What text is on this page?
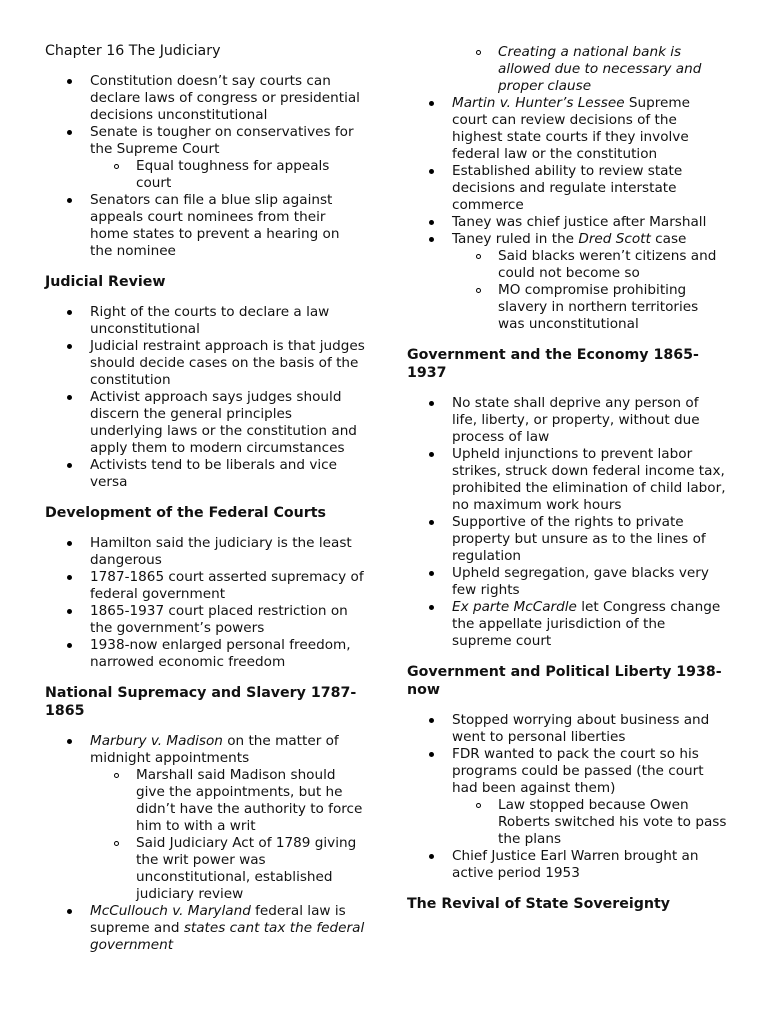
Chapter 16 The Judiciary
Constitution doesn’t say courts can declare laws of congress or presidential decisions unconstitutional
Senate is tougher on conservatives for the Supreme Court
Equal toughness for appeals court
Senators can file a blue slip against appeals court nominees from their home states to prevent a hearing on the nominee
Judicial Review
Right of the courts to declare a law unconstitutional
Judicial restraint approach is that judges should decide cases on the basis of the constitution
Activist approach says judges should discern the general principles underlying laws or the constitution and apply them to modern circumstances
Activists tend to be liberals and vice versa
Development of the Federal Courts
Hamilton said the judiciary is the least dangerous
1787-1865 court asserted supremacy of federal government
1865-1937 court placed restriction on the government’s powers
1938-now enlarged personal freedom, narrowed economic freedom
National Supremacy and Slavery 1787-1865
Marbury v. Madison on the matter of midnight appointments
Marshall said Madison should give the appointments, but he didn’t have the authority to force him to with a writ
Said Judiciary Act of 1789 giving the writ power was unconstitutional, established judiciary review
McCullouch v. Maryland federal law is supreme and states cant tax the federal government
Creating a national bank is allowed due to necessary and proper clause
Martin v. Hunter’s Lessee Supreme court can review decisions of the highest state courts if they involve federal law or the constitution
Established ability to review state decisions and regulate interstate commerce
Taney was chief justice after Marshall
Taney ruled in the Dred Scott case
Said blacks weren’t citizens and could not become so
MO compromise prohibiting slavery in northern territories was unconstitutional
Government and the Economy 1865-1937
No state shall deprive any person of life, liberty, or property, without due process of law
Upheld injunctions to prevent labor strikes, struck down federal income tax, prohibited the elimination of child labor, no maximum work hours
Supportive of the rights to private property but unsure as to the lines of regulation
Upheld segregation, gave blacks very few rights
Ex parte McCardle let Congress change the appellate jurisdiction of the supreme court
Government and Political Liberty 1938-now
Stopped worrying about business and went to personal liberties
FDR wanted to pack the court so his programs could be passed (the court had been against them)
Law stopped because Owen Roberts switched his vote to pass the plans
Chief Justice Earl Warren brought an active period 1953
The Revival of State Sovereignty
